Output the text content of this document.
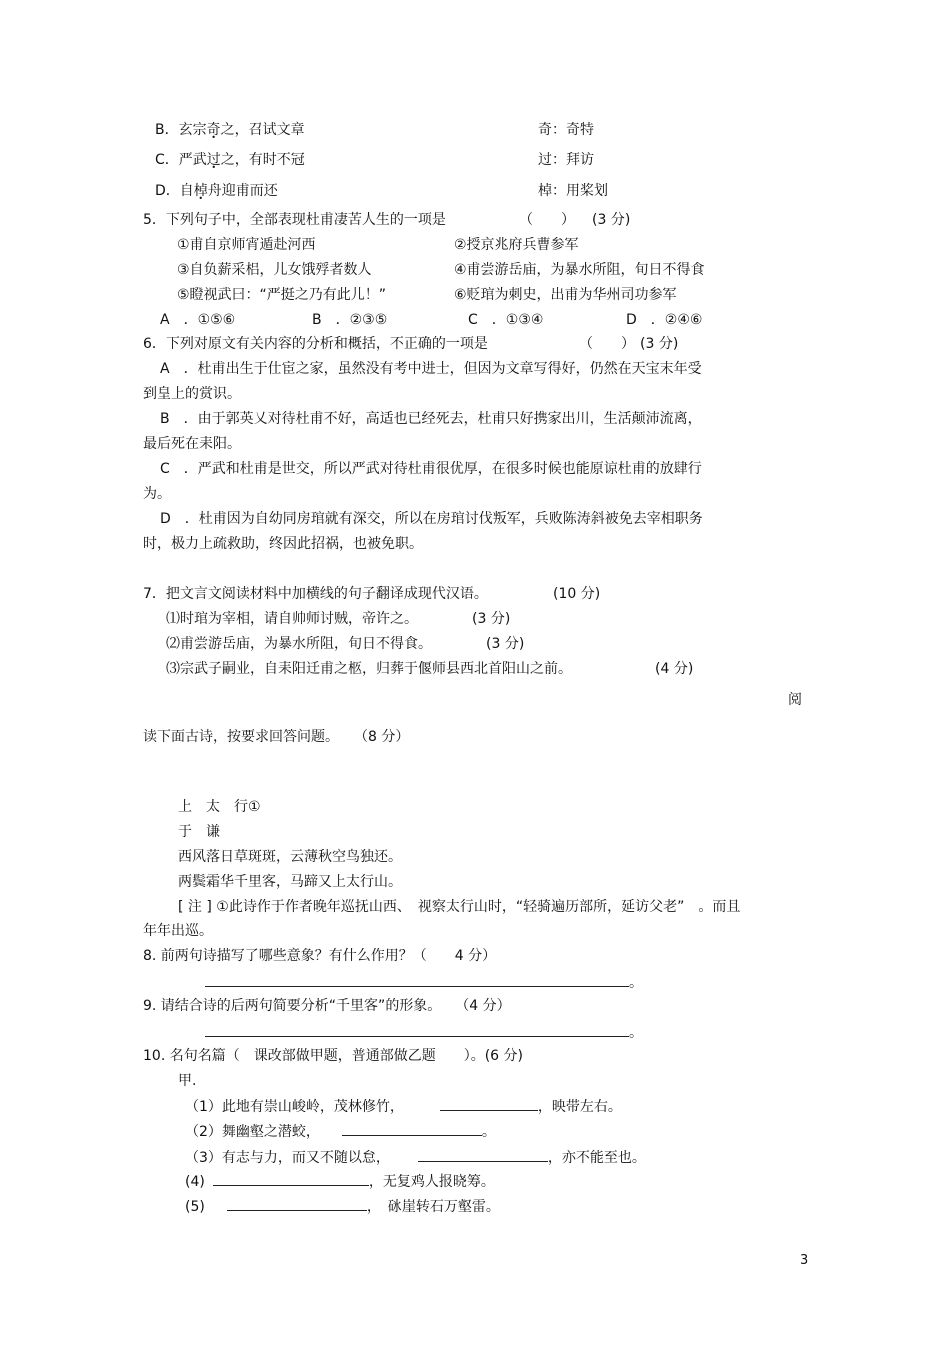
B．玄宗奇之，召试文章	奇：奇特
C．严武过之，有时不冠	过：拜访
D．自棹舟迎甫而还	棹：用桨划
5．下列句子中，全部表现杜甫凄苦人生的一项是	（　　） (3 分)
①甫自京师宵遁赴河西	②授京兆府兵曹参军
③自负薪采梠，儿女饿殍者数人	④甫尝游岳庙，为暴水所阻，旬日不得食
⑤瞪视武曰：“严挺之乃有此儿！”	⑥贬琯为刺史，出甫为华州司功参军
A　．①⑤⑥	B　．②③⑤	C　．①③④	D　．②④⑥
6．下列对原文有关内容的分析和概括，不正确的一项是	（　　） (3 分)
A　．杜甫出生于仕宦之家，虽然没有考中进士，但因为文章写得好，仍然在天宝末年受
到皇上的赏识。
B　．由于郭英乂对待杜甫不好，高适也已经死去，杜甫只好携家出川，生活颠沛流离，
最后死在耒阳。
C　．严武和杜甫是世交，所以严武对待杜甫很优厚，在很多时候也能原谅杜甫的放肆行
为。
D　．杜甫因为自幼同房琯就有深交，所以在房琯讨伐叛军，兵败陈涛斜被免去宰相职务
时，极力上疏救助，终因此招祸，也被免职。
7．把文言文阅读材料中加横线的句子翻译成现代汉语。	(10 分)
⑴时琯为宰相，请自帅师讨贼，帝许之。	(3 分)
⑵甫尝游岳庙，为暴水所阻，旬日不得食。	(3 分)
⑶宗武子嗣业，自耒阳迁甫之柩，归葬于偃师县西北首阳山之前。	(4 分)
阅
读下面古诗，按要求回答问题。 （8 分）
上　太　行①
于　谦
西风落日草斑斑，云薄秋空鸟独还。
两鬓霜华千里客，马蹄又上太行山。
[ 注 ] ①此诗作于作者晚年巡抚山西、　视察太行山时，“轻骑遍历部所，延访父老”　。而且
年年出巡。
8. 前两句诗描写了哪些意象？有什么作用？（　　4 分）
。
9. 请结合诗的后两句简要分析“千里客”的形象。　　（4 分）
。
10. 名句名篇（　课改部做甲题，普通部做乙题　　）。(6 分)
甲.
（1）此地有崇山峻岭，茂林修竹，	，映带左右。
（2）舞幽壑之潜蛟，	。
（3）有志与力，而又不随以怠，	，亦不能至也。
(4)	，无复鸡人报晓筹。
(5)	，　砯崖转石万壑雷。
3
